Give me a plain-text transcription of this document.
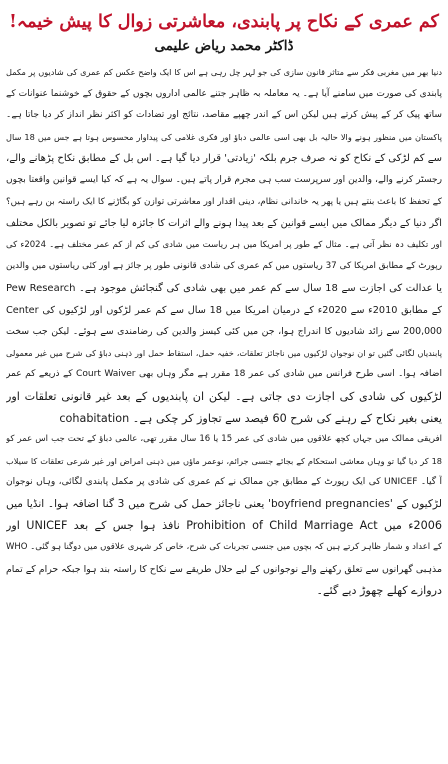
کم عمری کے نکاح پر پابندی، معاشرتی زوال کا پیش خیمہ!
ڈاکٹر محمد ریاض علیمی
دنیا بھر میں مغربی فکر سے متاثر قانون سازی کی جو لہر چل رہی ہے اس کا ایک واضح عکس کم عمری کی شادیوں پر مکمل
پابندی کی صورت میں سامنے آیا ہے۔ یہ معاملہ بہ ظاہر جتنے عالمی اداروں بچوں کے حقوق کے خوشنما عنوانات کے
ساتھ پیک کر کے پیش کرتے ہیں لیکن اس کے اندر چھپے مقاصد، نتائج اور تضادات کو اکثر نظر انداز کر دیا جاتا ہے۔
پاکستان میں منظور ہونے والا حالیہ بل بھی اسی عالمی دباؤ اور فکری غلامی کی پیداوار محسوس ہوتا ہے جس میں 18 سال
سے کم لڑکی کے نکاح کو نہ صرف جرم بلکہ 'زیادتی' قرار دیا گیا ہے۔ اس بل کے مطابق نکاح پڑھانے والے،
رجسٹر کرنے والے، والدین اور سرپرست سب ہی مجرم قرار پاتے ہیں۔ سوال یہ ہے کہ کیا ایسے قوانین واقعتا بچوں
کے تحفظ کا باعث بنتے ہیں یا پھر یہ خاندانی نظام، دینی اقدار اور معاشرتی توازن کو بگاڑنے کا ایک راستہ بن رہے ہیں؟
اگر دنیا کے دیگر ممالک میں ایسے قوانین کے بعد پیدا ہونے والے اثرات کا جائزہ لیا جائے تو تصویر بالکل مختلف
اور تکلیف دہ نظر آتی ہے۔ مثال کے طور پر امریکا میں ہر ریاست میں شادی کی کم از کم عمر مختلف ہے۔ 2024ء کی
رپورٹ کے مطابق امریکا کی 37 ریاستوں میں کم عمری کی شادی قانونی طور پر جائز ہے اور کئی ریاستوں میں والدین
یا عدالت کی اجازت سے 18 سال سے کم عمر میں بھی شادی کی گنجائش موجود ہے۔ Pew Research
Center کے مطابق 2010ء سے 2020ء کے درمیان امریکا میں 18 سال سے کم عمر لڑکوں اور لڑکیوں کی
200,000 سے زائد شادیوں کا اندراج ہوا، جن میں کئی کیسز والدین کی رضامندی سے ہوئے۔ لیکن جب سخت
پابندیاں لگائی گئیں تو ان نوجوان لڑکیوں میں ناجائز تعلقات، خفیہ حمل، استقاط حمل اور ذہنی دباؤ کی شرح میں غیر معمولی
اضافہ ہوا۔ اسی طرح فرانس میں شادی کی عمر 18 مقرر ہے مگر وہاں بھی Court Waiver کے ذریعے کم عمر
لڑکیوں کی شادی کی اجازت دی جاتی ہے۔ لیکن ان پابندیوں کے بعد غیر قانونی تعلقات اور
cohabitation یعنی بغیر نکاح کے رہنے کی شرح 60 فیصد سے تجاوز کر چکی ہے۔
افریقی ممالک میں جہاں کچھ علاقوں میں شادی کی عمر 15 یا 16 سال مقرر تھی، عالمی دباؤ کے تحت جب اس عمر کو
18 کر دیا گیا تو وہاں معاشی استحکام کے بجائے جنسی جرائم، نوعمر ماؤں میں ذہنی امراض اور غیر شرعی تعلقات کا سیلاب
آ گیا۔ UNICEF کی ایک رپورٹ کے مطابق جن ممالک نے کم عمری کی شادی پر مکمل پابندی لگائی، وہاں نوجوان
لڑکیوں کے 'boyfriend pregnancies' یعنی ناجائز حمل کی شرح میں 3 گنا اضافہ ہوا۔ انڈیا میں
2006ء میں Prohibition of Child Marriage Act نافذ ہوا جس کے بعد UNICEF اور
WHO کے اعداد و شمار ظاہر کرتے ہیں کہ بچوں میں جنسی تجربات کی شرح، خاص کر شہری علاقوں میں دوگنا ہو گئی۔
مذہبی گھرانوں سے تعلق رکھنے والے نوجوانوں کے لیے حلال طریقے سے نکاح کا راستہ بند ہوا جبکہ حرام کے تمام
دروازے کھلے چھوڑ دیے گئے۔
